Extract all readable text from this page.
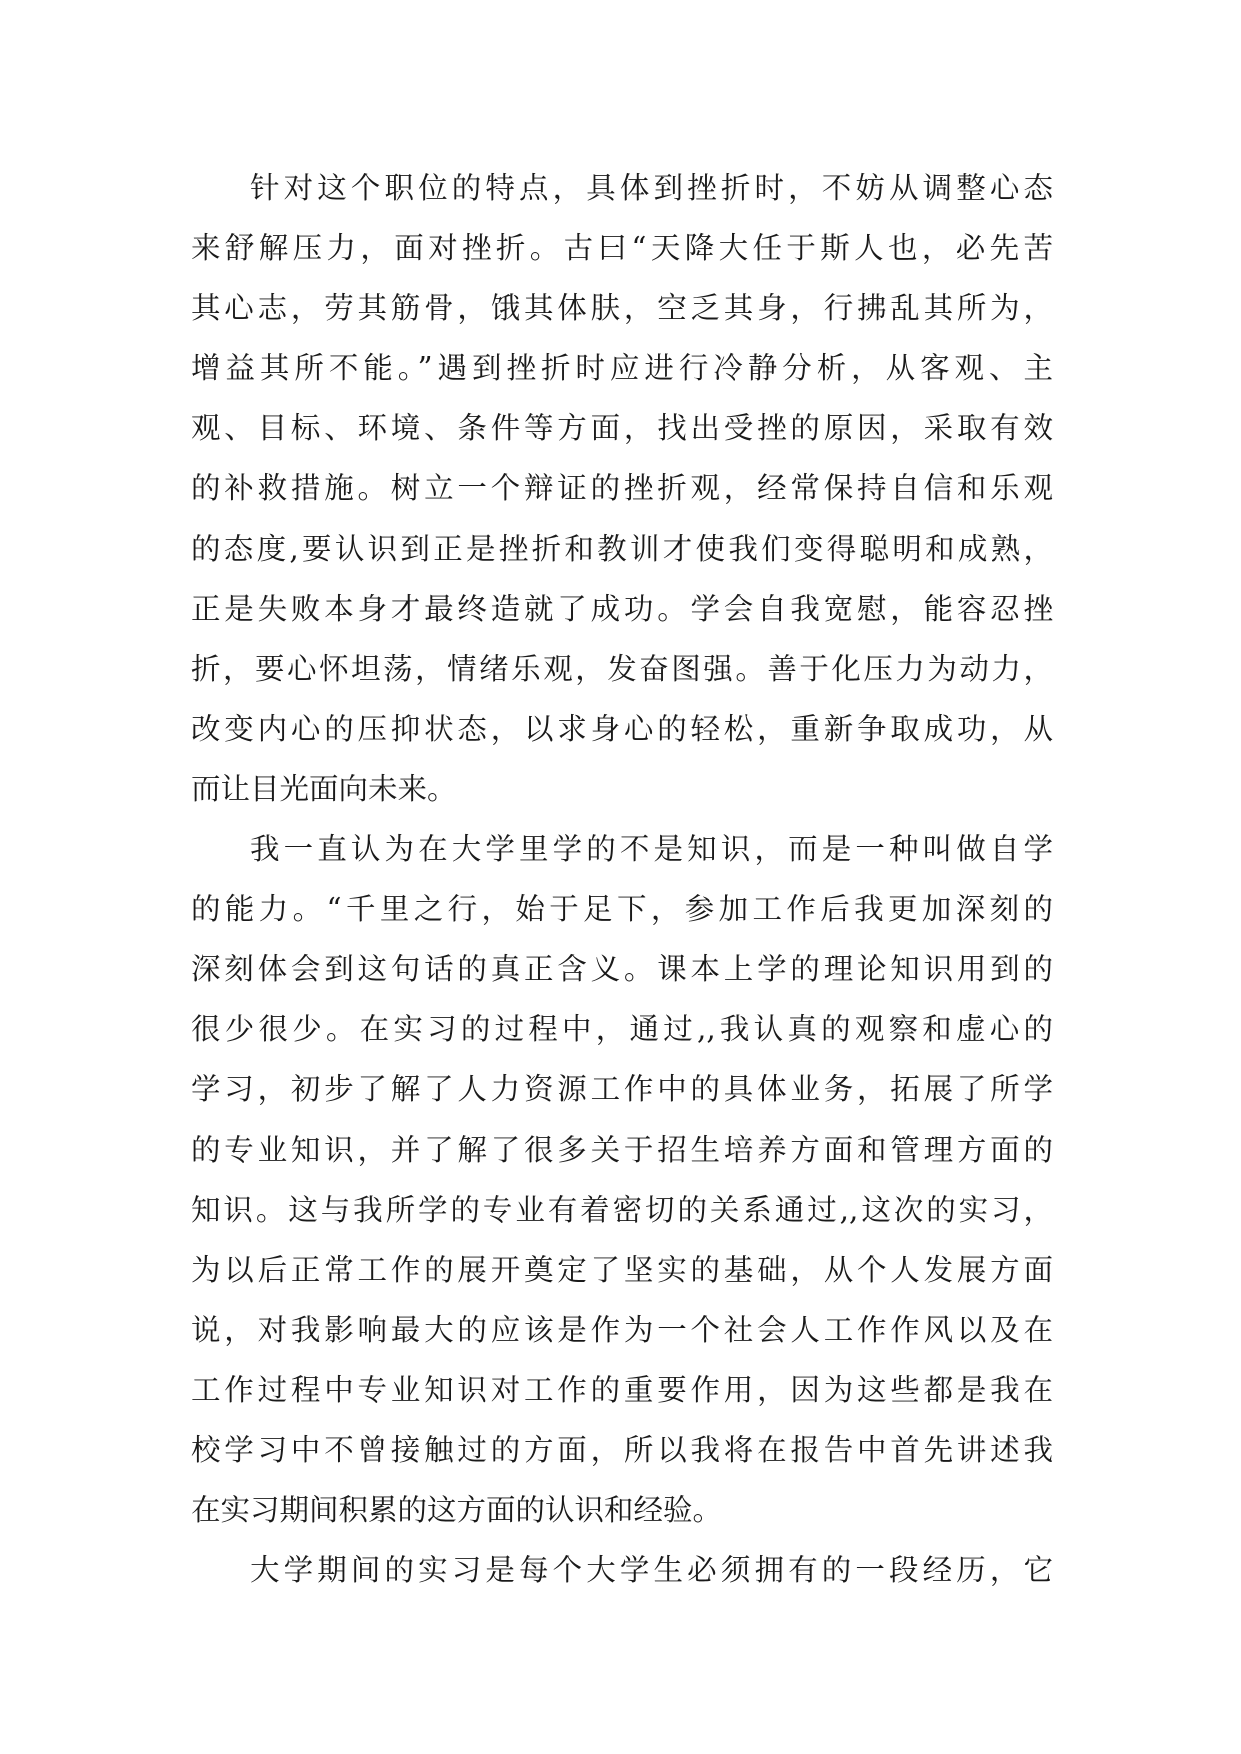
针对这个职位的特点，具体到挫折时，不妨从调整心态
来舒解压力，面对挫折。古曰“天降大任于斯人也，必先苦
其心志，劳其筋骨，饿其体肤，空乏其身，行拂乱其所为，
增益其所不能。”遇到挫折时应进行冷静分析，从客观、主
观、目标、环境、条件等方面，找出受挫的原因，采取有效
的补救措施。树立一个辩证的挫折观，经常保持自信和乐观
的态度,要认识到正是挫折和教训才使我们变得聪明和成熟，
正是失败本身才最终造就了成功。学会自我宽慰，能容忍挫
折，要心怀坦荡，情绪乐观，发奋图强。善于化压力为动力，
改变内心的压抑状态，以求身心的轻松，重新争取成功，从
而让目光面向未来。
我一直认为在大学里学的不是知识，而是一种叫做自学
的能力。“千里之行，始于足下，参加工作后我更加深刻的
深刻体会到这句话的真正含义。课本上学的理论知识用到的
很少很少。在实习的过程中，通过,,我认真的观察和虚心的
学习，初步了解了人力资源工作中的具体业务，拓展了所学
的专业知识，并了解了很多关于招生培养方面和管理方面的
知识。这与我所学的专业有着密切的关系通过,,这次的实习，
为以后正常工作的展开奠定了坚实的基础，从个人发展方面
说，对我影响最大的应该是作为一个社会人工作作风以及在
工作过程中专业知识对工作的重要作用，因为这些都是我在
校学习中不曾接触过的方面，所以我将在报告中首先讲述我
在实习期间积累的这方面的认识和经验。
大学期间的实习是每个大学生必须拥有的一段经历，它
